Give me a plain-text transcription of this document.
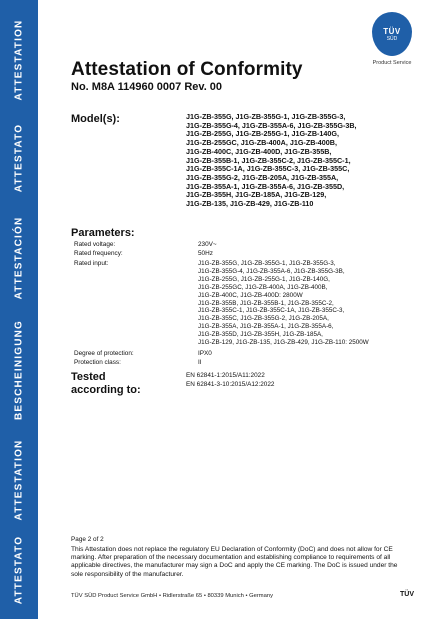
ATTESTATION
ATTESTATO
ATTESTACIÓN
BESCHEINIGUNG
ATTESTATION
ATTESTATO
TÜV
SÜD
Product Service
Attestation of Conformity
No. M8A 114960 0007 Rev. 00
Model(s):	J1G-ZB-355G, J1G-ZB-355G-1, J1G-ZB-355G-3,
J1G-ZB-355G-4, J1G-ZB-355A-6, J1G-ZB-355G-3B,
J1G-ZB-255G, J1G-ZB-255G-1, J1G-ZB-140G,
J1G-ZB-255GC, J1G-ZB-400A, J1G-ZB-400B,
J1G-ZB-400C, J1G-ZB-400D, J1G-ZB-355B,
J1G-ZB-355B-1, J1G-ZB-355C-2, J1G-ZB-355C-1,
J1G-ZB-355C-1A, J1G-ZB-355C-3, J1G-ZB-355C,
J1G-ZB-355G-2, J1G-ZB-205A, J1G-ZB-355A,
J1G-ZB-355A-1, J1G-ZB-355A-6, J1G-ZB-355D,
J1G-ZB-355H, J1G-ZB-185A, J1G-ZB-129,
J1G-ZB-135, J1G-ZB-429, J1G-ZB-110
Parameters:
Rated voltage:	230V~
Rated frequency:	50Hz
Rated input:	J1G-ZB-355G, J1G-ZB-355G-1, J1G-ZB-355G-3,
J1G-ZB-355G-4, J1G-ZB-355A-6, J1G-ZB-355G-3B,
J1G-ZB-255G, J1G-ZB-255G-1, J1G-ZB-140G,
J1G-ZB-255GC, J1G-ZB-400A, J1G-ZB-400B,
J1G-ZB-400C, J1G-ZB-400D: 2800W
J1G-ZB-355B, J1G-ZB-355B-1, J1G-ZB-355C-2,
J1G-ZB-355C-1, J1G-ZB-355C-1A, J1G-ZB-355C-3,
J1G-ZB-355C, J1G-ZB-355G-2, J1G-ZB-205A,
J1G-ZB-355A, J1G-ZB-355A-1, J1G-ZB-355A-6,
J1G-ZB-355D, J1G-ZB-355H, J1G-ZB-185A,
J1G-ZB-129, J1G-ZB-135, J1G-ZB-429, J1G-ZB-110: 2500W
Degree of protection:	IPX0
Protection class:	II
Tested
according to:
EN 62841-1:2015/A11:2022
EN 62841-3-10:2015/A12:2022
Page 2 of 2
This Attestation does not replace the regulatory EU Declaration of Conformity (DoC) and does not allow for CE marking. After preparation of the necessary documentation and establishing compliance to requirements of all applicable directives, the manufacturer may sign a DoC and apply the CE marking. The DoC is issued under the sole responsibility of the manufacturer.
TÜV SÜD Product Service GmbH • Ridlerstraße 65 • 80339 Munich • Germany	TÜV
